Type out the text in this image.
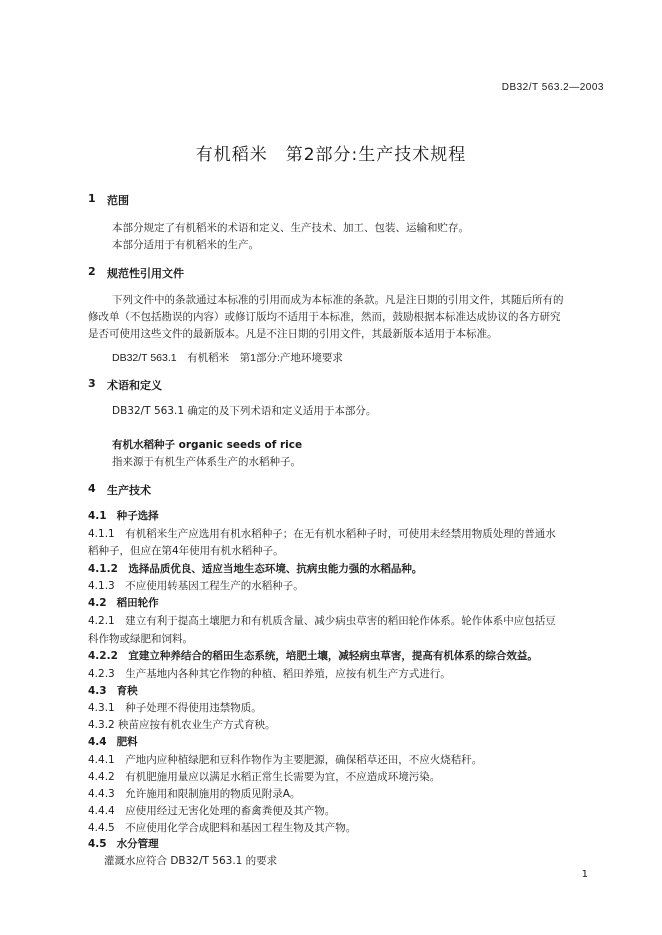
DB32/T 563.2—2003
有机稻米　第2部分:生产技术规程
1 范围
本部分规定了有机稻米的术语和定义、生产技术、加工、包装、运输和贮存。
本部分适用于有机稻米的生产。
2 规范性引用文件
下列文件中的条款通过本标准的引用而成为本标准的条款。凡是注日期的引用文件，其随后所有的
修改单（不包括勘误的内容）或修订版均不适用于本标准，然而，鼓励根据本标准达成协议的各方研究
是否可使用这些文件的最新版本。凡是不注日期的引用文件，其最新版本适用于本标准。
DB32/T 563.1　有机稻米　第1部分:产地环境要求
3 术语和定义
DB32/T 563.1 确定的及下列术语和定义适用于本部分。
有机水稻种子 organic seeds of rice
指来源于有机生产体系生产的水稻种子。
4 生产技术
4.1 种子选择
4.1.1　有机稻米生产应选用有机水稻种子；在无有机水稻种子时，可使用未经禁用物质处理的普通水
稻种子，但应在第4年使用有机水稻种子。
4.1.2　选择品质优良、适应当地生态环境、抗病虫能力强的水稻品种。
4.1.3　不应使用转基因工程生产的水稻种子。
4.2 稻田轮作
4.2.1　建立有利于提高土壤肥力和有机质含量、减少病虫草害的稻田轮作体系。轮作体系中应包括豆
科作物或绿肥和饲料。
4.2.2　宜建立种养结合的稻田生态系统，培肥土壤，减轻病虫草害，提高有机体系的综合效益。
4.2.3　生产基地内各种其它作物的种植、稻田养殖，应按有机生产方式进行。
4.3 育秧
4.3.1　种子处理不得使用违禁物质。
4.3.2 秧苗应按有机农业生产方式育秧。
4.4 肥料
4.4.1　产地内应种植绿肥和豆科作物作为主要肥源，确保稻草还田，不应火烧秸秆。
4.4.2　有机肥施用量应以满足水稻正常生长需要为宜，不应造成环境污染。
4.4.3　允许施用和限制施用的物质见附录A。
4.4.4　应使用经过无害化处理的畜禽粪便及其产物。
4.4.5　不应使用化学合成肥料和基因工程生物及其产物。
4.5 水分管理
灌溉水应符合 DB32/T 563.1 的要求
1
